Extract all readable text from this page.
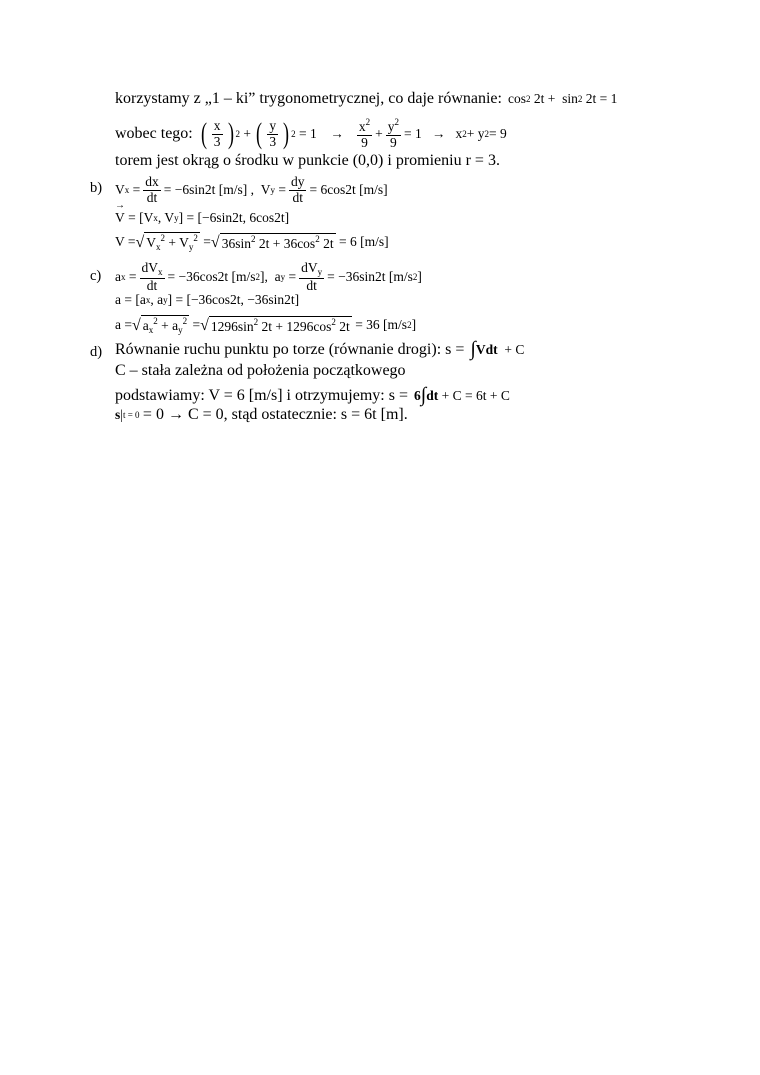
korzystamy z „1 – ki” trygonometrycznej, co daje równanie: cos 2 2t +  sin 2 2t = 1
wobec tego: ( $\frac{x}{3}$ ) 2 + ( $\frac{y}{3}$ ) 2 = 1    → $\frac{x^2}{9} + \frac{y^2}{9} = 1 \to x$ 2 + y 2 = 9
torem jest okrąg o środku w punkcie (0,0) i promieniu r = 3.
b) V $x = \frac{dx}{dt} = -6\sin 2t$ [m/s] ,  V $y = \frac{dy}{dt} = 6\cos 2t$ [m/s]
V
→
= [V x , V y ] = [−6sin2t, 6cos2t]
V = √ $V_x^2 + V_y^2$ = √ $36\sin^2$ $2t + 36\cos^2$ 2t = 6 [m/s]
c) a $x = \frac{dV_x}{dt} = -36\cos 2t$ [m/s 2 ],  a $y = \frac{dV_y}{dt} = -36\sin 2t$ [m/s 2 ]
a = [a x , a y ] = [−36cos2t, −36sin2t]
a = √ $a_x^2 + a_y^2$ = √ $1296\sin^2$ $2t + 1296\cos^2$ 2t = 36 [m/s 2 ]
d) Równanie ruchu punktu po torze (równanie drogi): s = ∫ Vdt + C
C – stała zależna od położenia początkowego
podstawiamy: V = 6 [m/s] i otrzymujemy: s = 6 ∫ dt + C = 6t + C
s | t = 0
= 0 → C = 0, stąd ostatecznie: s = 6t [m].
